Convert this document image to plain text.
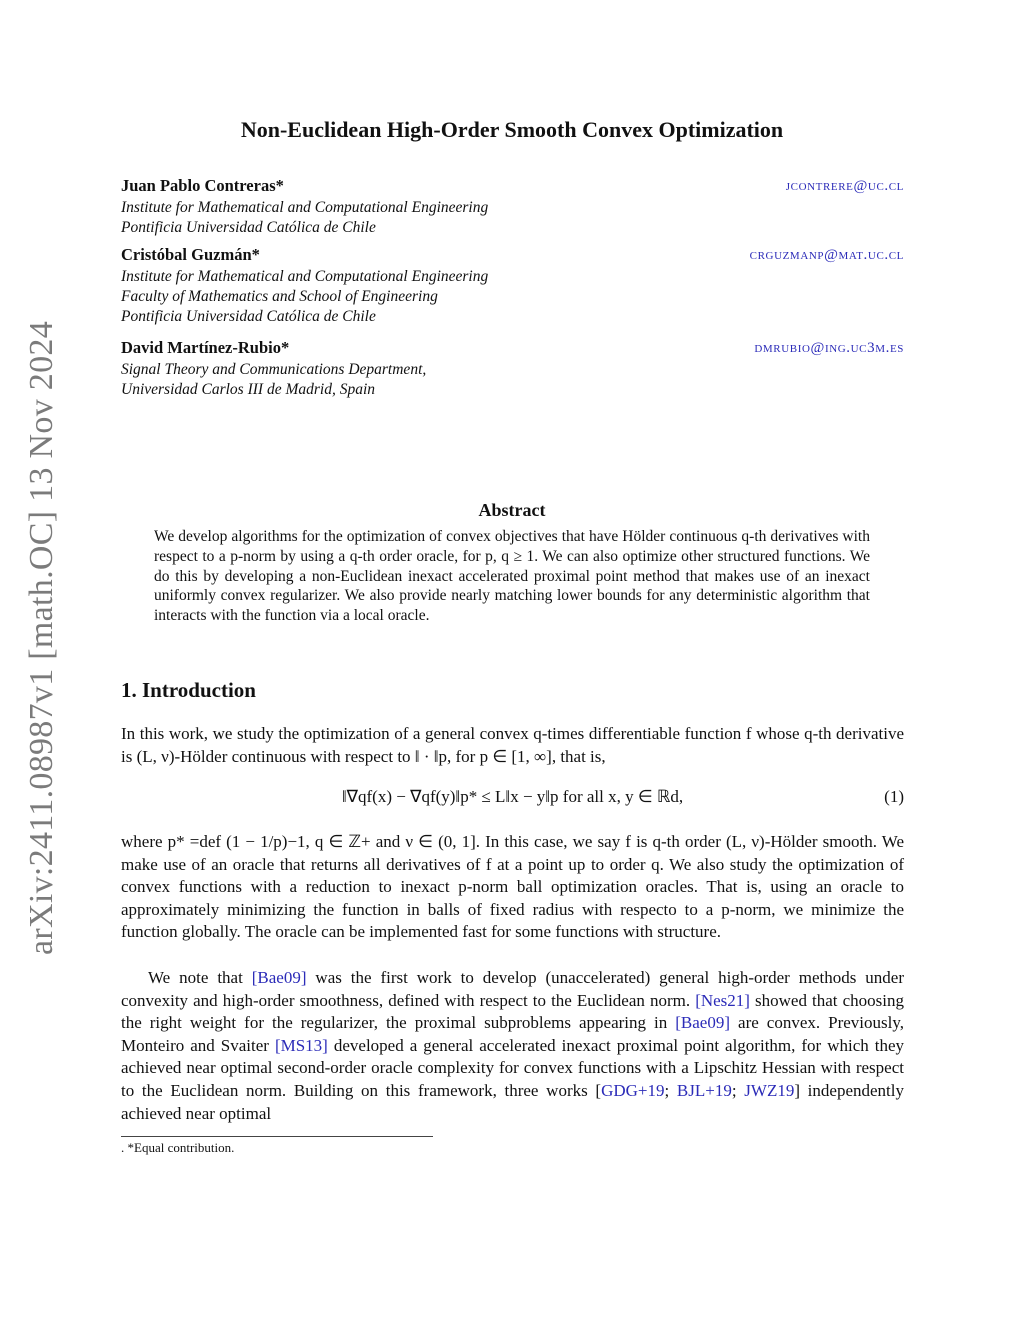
arXiv:2411.08987v1 [math.OC] 13 Nov 2024
Non-Euclidean High-Order Smooth Convex Optimization
Juan Pablo Contreras*	jcontrere@uc.cl
Institute for Mathematical and Computational Engineering
Pontificia Universidad Católica de Chile
Cristóbal Guzmán*	crguzmanp@mat.uc.cl
Institute for Mathematical and Computational Engineering
Faculty of Mathematics and School of Engineering
Pontificia Universidad Católica de Chile
David Martínez-Rubio*	dmrubio@ing.uc3m.es
Signal Theory and Communications Department,
Universidad Carlos III de Madrid, Spain
Abstract
We develop algorithms for the optimization of convex objectives that have Hölder continuous q-th derivatives with respect to a p-norm by using a q-th order oracle, for p, q ≥ 1. We can also optimize other structured functions. We do this by developing a non-Euclidean inexact accelerated proximal point method that makes use of an inexact uniformly convex regularizer. We also provide nearly matching lower bounds for any deterministic algorithm that interacts with the function via a local oracle.
1. Introduction
In this work, we study the optimization of a general convex q-times differentiable function f whose q-th derivative is (L, ν)-Hölder continuous with respect to ‖ · ‖p, for p ∈ [1, ∞], that is,
‖∇qf(x) − ∇qf(y)‖p* ≤ L‖x − y‖p for all x, y ∈ ℝd,	(1)
where p* =def (1 − 1/p)−1, q ∈ ℤ+ and ν ∈ (0, 1]. In this case, we say f is q-th order (L, ν)-Hölder smooth. We make use of an oracle that returns all derivatives of f at a point up to order q. We also study the optimization of convex functions with a reduction to inexact p-norm ball optimization oracles. That is, using an oracle to approximately minimizing the function in balls of fixed radius with respecto to a p-norm, we minimize the function globally. The oracle can be implemented fast for some functions with structure.
We note that [Bae09] was the first work to develop (unaccelerated) general high-order methods under convexity and high-order smoothness, defined with respect to the Euclidean norm. [Nes21] showed that choosing the right weight for the regularizer, the proximal subproblems appearing in [Bae09] are convex. Previously, Monteiro and Svaiter [MS13] developed a general accelerated inexact proximal point algorithm, for which they achieved near optimal second-order oracle complexity for convex functions with a Lipschitz Hessian with respect to the Euclidean norm. Building on this framework, three works [GDG+19; BJL+19; JWZ19] independently achieved near optimal
. *Equal contribution.
